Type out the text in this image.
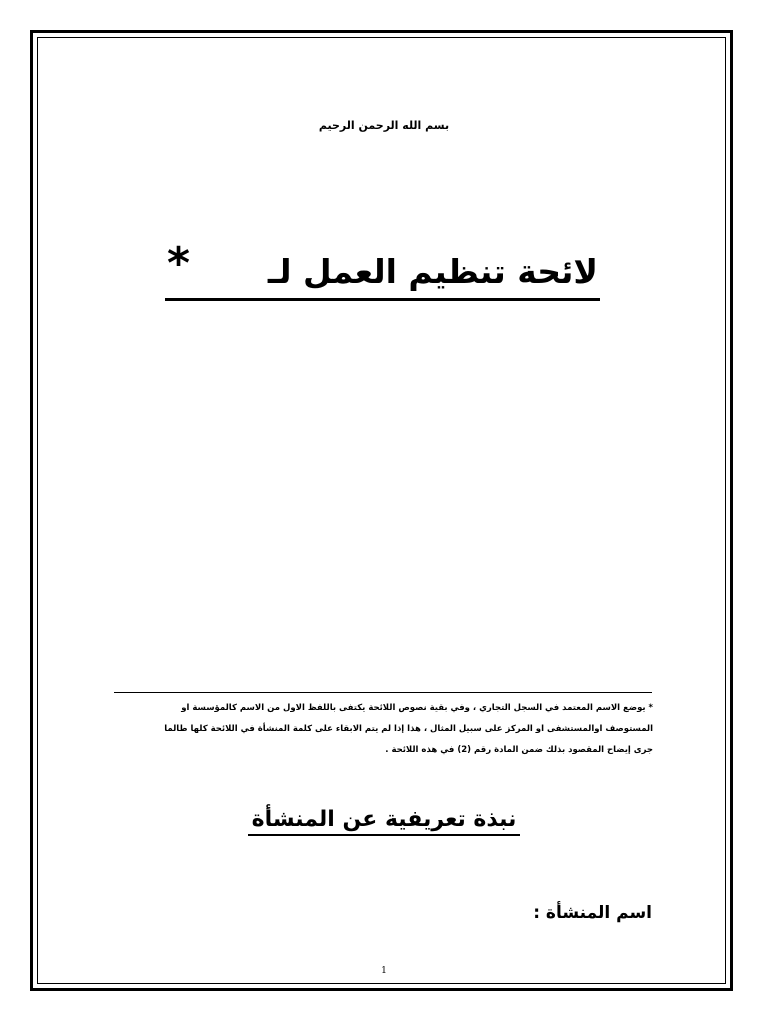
بسم الله الرحمن الرحيم
* لائحة تنظيم العمل لـ
* يوضع الاسم المعتمد في السجل التجاري ، وفي بقية نصوص اللائحة يكتفى باللفظ الاول من الاسم كالمؤسسة او
المستوصف اوالمستشفى او المركز على سبيل المثال ، هذا إذا لم يتم الابقاء على كلمة المنشأة في اللائحة كلها طالما
جرى إيضاح المقصود بذلك ضمن المادة رقم (2) في هذه اللائحة .
نبذة تعريفية عن المنشأة
اسم المنشأة :
1
